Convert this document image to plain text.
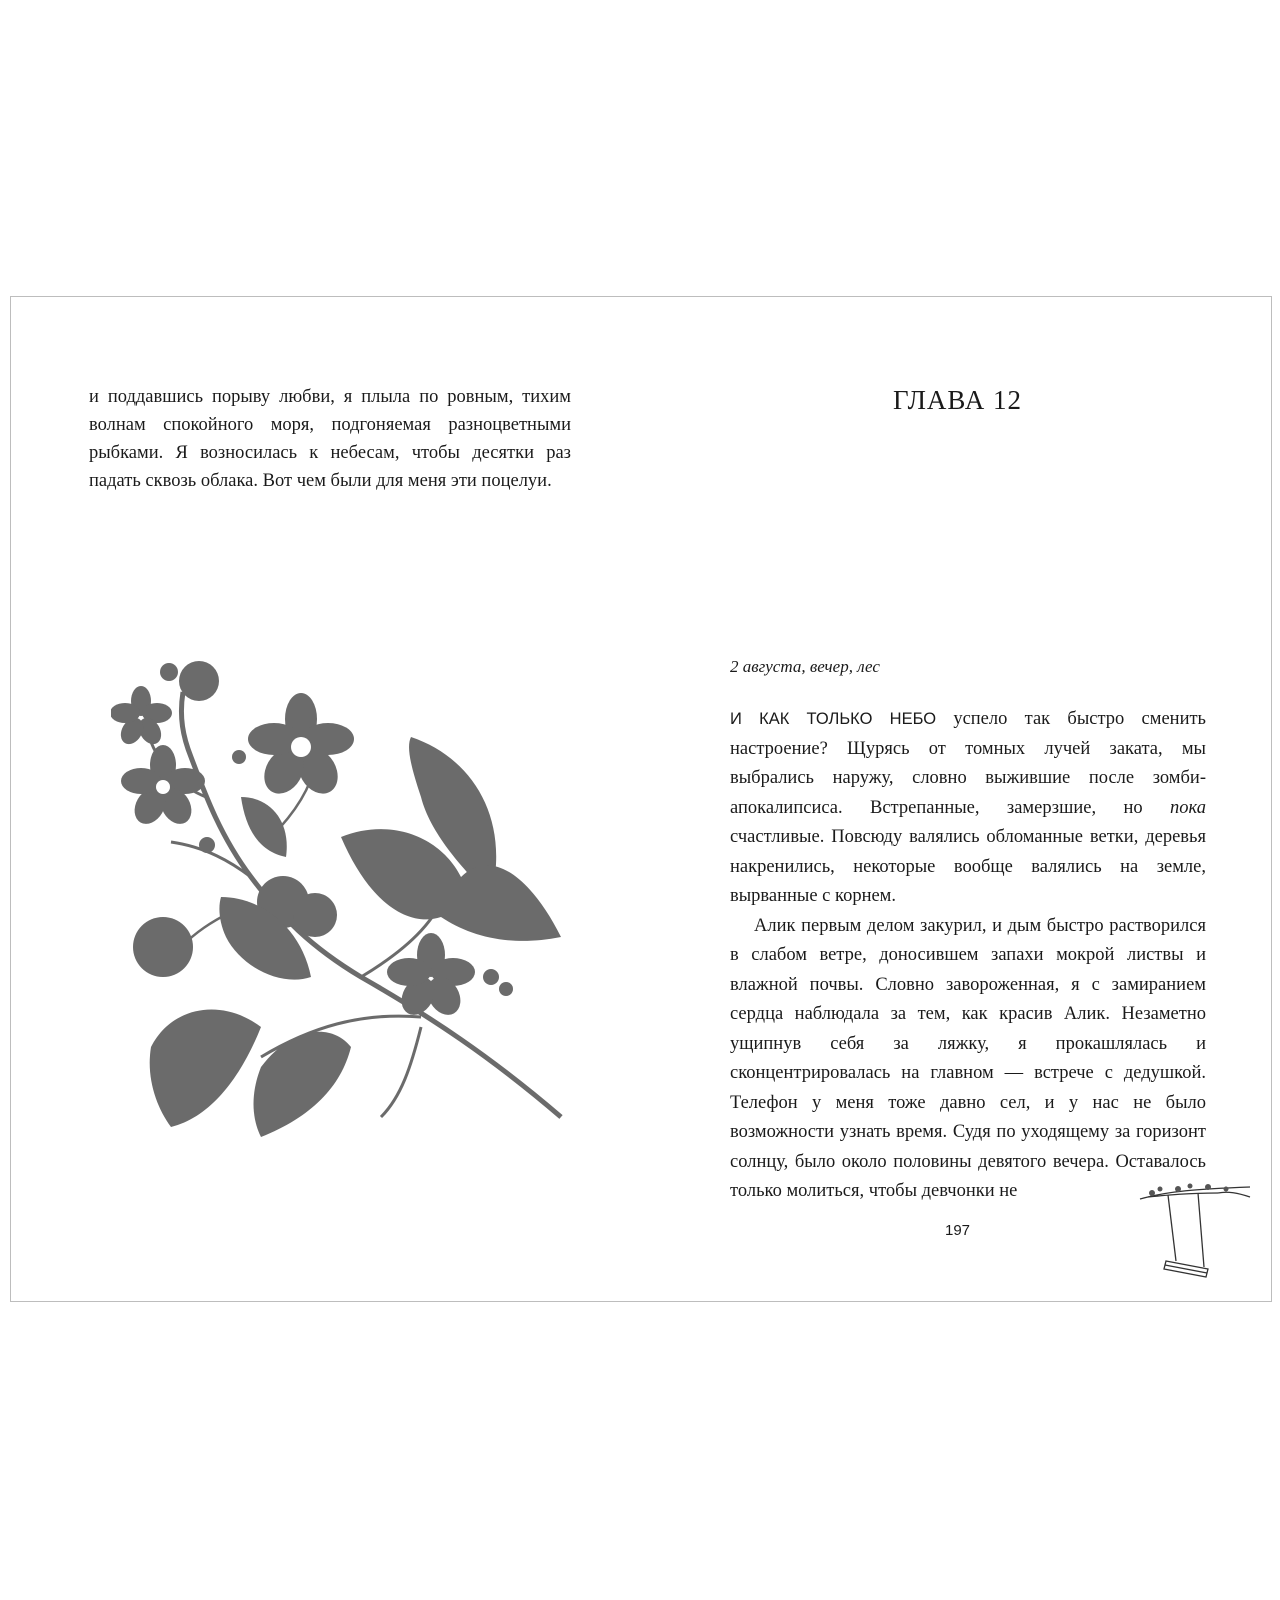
и поддавшись порыву любви, я плыла по ровным, тихим волнам спокойного моря, подгоняемая разноцветными рыбками. Я возносилась к небесам, чтобы десятки раз падать сквозь облака. Вот чем были для меня эти поцелуи.

ГЛАВА 12
2 августа, вечер, лес

И КАК ТОЛЬКО НЕБО успело так быстро сменить настроение? Щурясь от томных лучей заката, мы выбрались наружу, словно выжившие после зомби-апокалипсиса. Встрепанные, замерзшие, но пока счастливые. Повсюду валялись обломанные ветки, деревья накренились, некоторые вообще валялись на земле, вырванные с корнем.

Алик первым делом закурил, и дым быстро растворился в слабом ветре, доносившем запахи мокрой листвы и влажной почвы. Словно завороженная, я с замиранием сердца наблюдала за тем, как красив Алик. Незаметно ущипнув себя за ляжку, я прокашлялась и сконцентрировалась на главном — встрече с дедушкой. Телефон у меня тоже давно сел, и у нас не было возможности узнать время. Судя по уходящему за горизонт солнцу, было около половины девятого вечера. Оставалось только молиться, чтобы девчонки не

197
